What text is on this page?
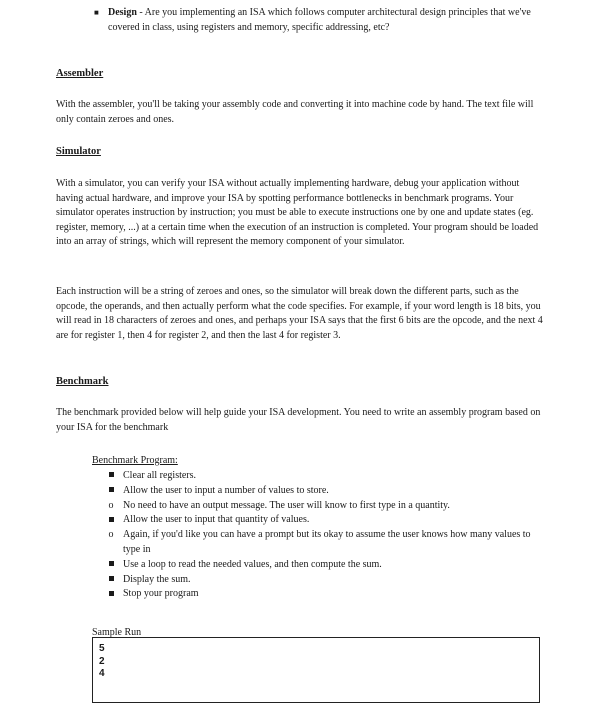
■ Design - Are you implementing an ISA which follows computer architectural design principles that we've covered in class, using registers and memory, specific addressing, etc?
Assembler
With the assembler, you'll be taking your assembly code and converting it into machine code by hand. The text file will only contain zeroes and ones.
Simulator
With a simulator, you can verify your ISA without actually implementing hardware, debug your application without having actual hardware, and improve your ISA by spotting performance bottlenecks in benchmark programs. Your simulator operates instruction by instruction; you must be able to execute instructions one by one and update states (eg. register, memory, ...) at a certain time when the execution of an instruction is completed. Your program should be loaded into an array of strings, which will represent the memory component of your simulator.
Each instruction will be a string of zeroes and ones, so the simulator will break down the different parts, such as the opcode, the operands, and then actually perform what the code specifies. For example, if your word length is 18 bits, you will read in 18 characters of zeroes and ones, and perhaps your ISA says that the first 6 bits are the opcode, and the next 4 are for register 1, then 4 for register 2, and then the last 4 for register 3.
Benchmark
The benchmark provided below will help guide your ISA development. You need to write an assembly program based on your ISA for the benchmark
Benchmark Program:
Clear all registers.
Allow the user to input a number of values to store.
o No need to have an output message. The user will know to first type in a quantity.
Allow the user to input that quantity of values.
o Again, if you'd like you can have a prompt but its okay to assume the user knows how many values to type in
Use a loop to read the needed values, and then compute the sum.
Display the sum.
Stop your program
Sample Run
5
2
4
